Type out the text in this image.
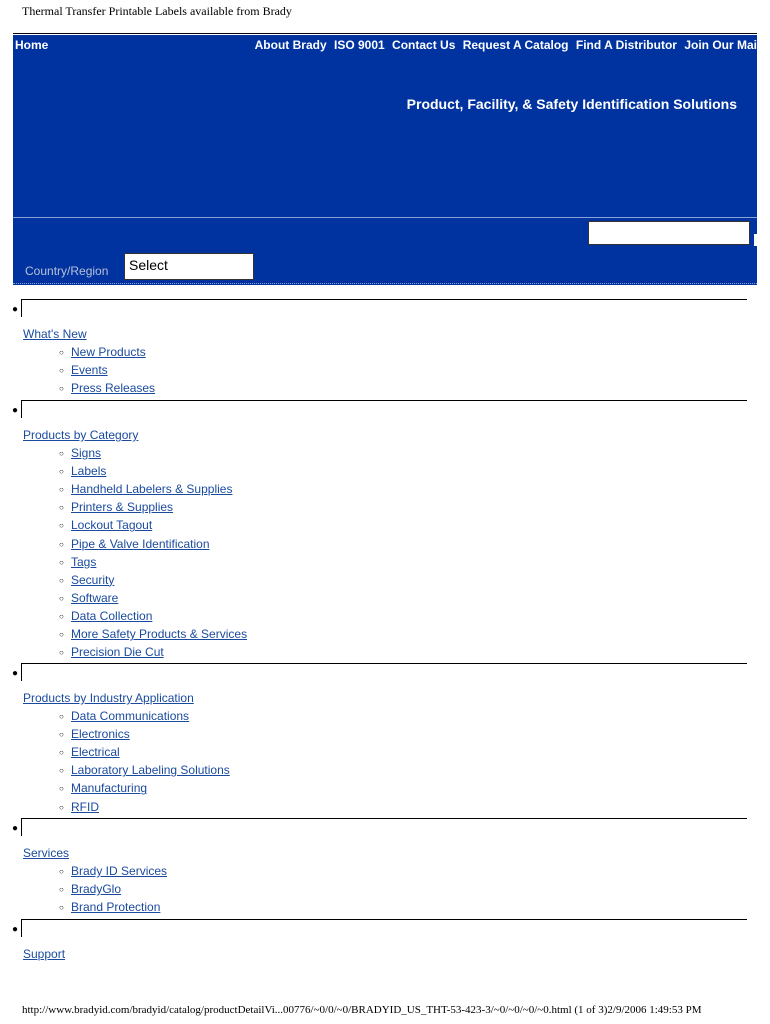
Thermal Transfer Printable Labels available from Brady
Home	About Brady ISO 9001 Contact Us Request A Catalog Find A Distributor Join Our Mai
Product, Facility, & Safety Identification Solutions
Country/Region	Select
●
What's New
○ New Products
○ Events
○ Press Releases
●
Products by Category
○ Signs
○ Labels
○ Handheld Labelers & Supplies
○ Printers & Supplies
○ Lockout Tagout
○ Pipe & Valve Identification
○ Tags
○ Security
○ Software
○ Data Collection
○ More Safety Products & Services
○ Precision Die Cut
●
Products by Industry Application
○ Data Communications
○ Electronics
○ Electrical
○ Laboratory Labeling Solutions
○ Manufacturing
○ RFID
●
Services
○ Brady ID Services
○ BradyGlo
○ Brand Protection
●
Support
http://www.bradyid.com/bradyid/catalog/productDetailVi...00776/~0/0/~0/BRADYID_US_THT-53-423-3/~0/~0/~0/~0.html (1 of 3)2/9/2006 1:49:53 PM
